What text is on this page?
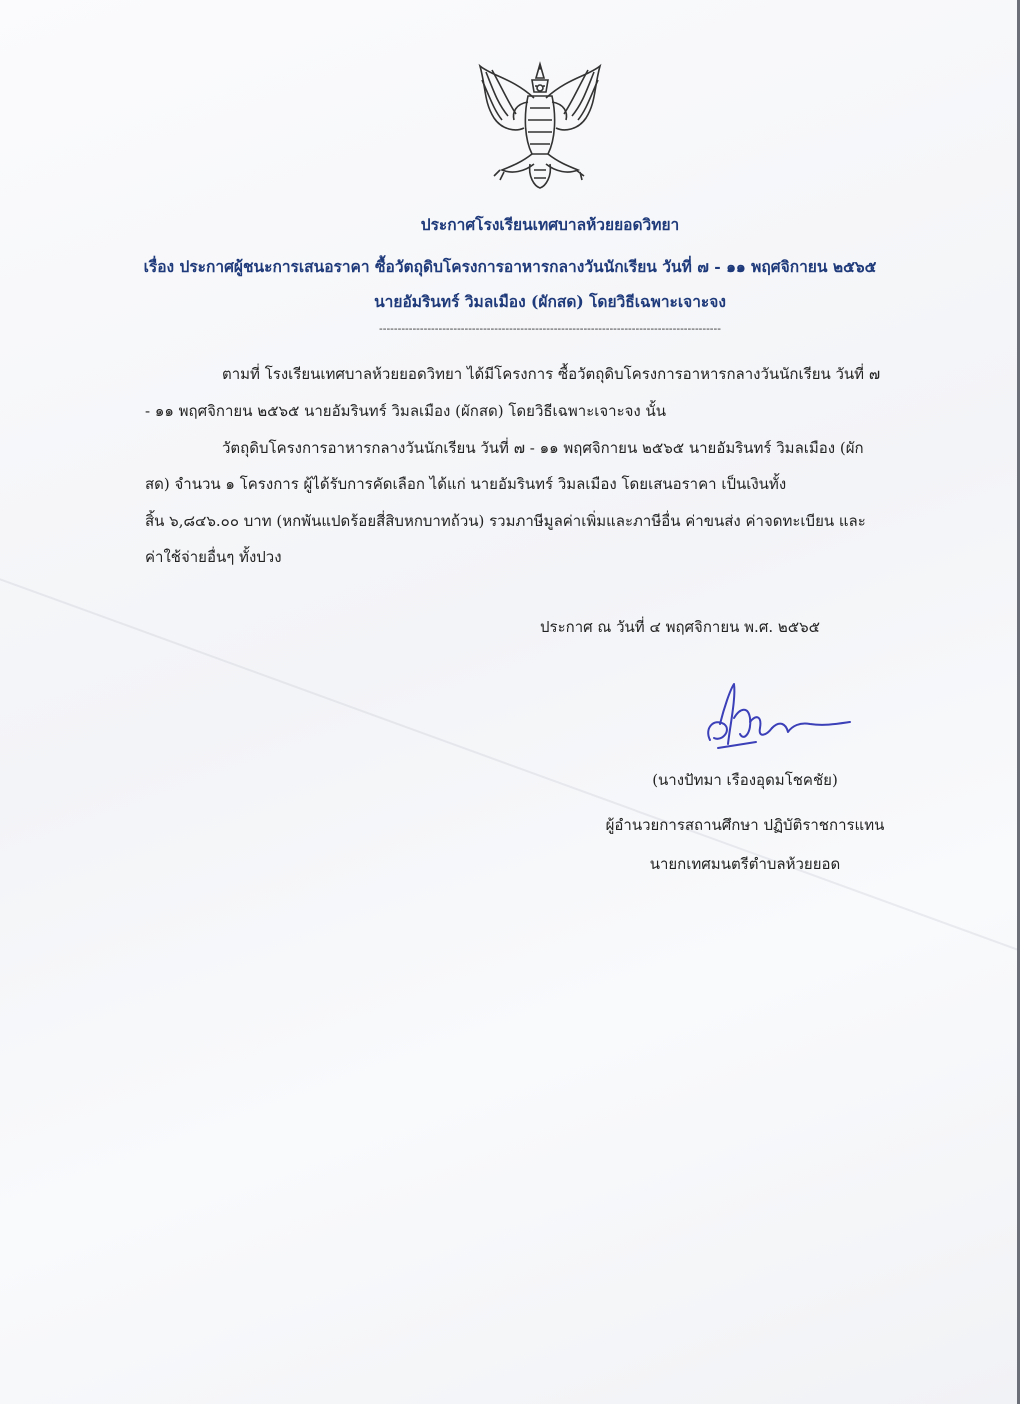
ประกาศโรงเรียนเทศบาลห้วยยอดวิทยา
เรื่อง ประกาศผู้ชนะการเสนอราคา ซื้อวัตถุดิบโครงการอาหารกลางวันนักเรียน วันที่ ๗ - ๑๑ พฤศจิกายน ๒๕๖๕
นายอัมรินทร์ วิมลเมือง (ผักสด) โดยวิธีเฉพาะเจาะจง
--------------------------------------------------------------------------------------------
ตามที่ โรงเรียนเทศบาลห้วยยอดวิทยา ได้มีโครงการ ซื้อวัตถุดิบโครงการอาหารกลางวันนักเรียน วันที่ ๗
- ๑๑ พฤศจิกายน ๒๕๖๕ นายอัมรินทร์ วิมลเมือง (ผักสด) โดยวิธีเฉพาะเจาะจง นั้น
วัตถุดิบโครงการอาหารกลางวันนักเรียน วันที่ ๗ - ๑๑ พฤศจิกายน ๒๕๖๕ นายอัมรินทร์ วิมลเมือง (ผัก
สด) จำนวน ๑ โครงการ ผู้ได้รับการคัดเลือก ได้แก่ นายอัมรินทร์ วิมลเมือง โดยเสนอราคา เป็นเงินทั้ง
สิ้น ๖,๘๔๖.๐๐ บาท (หกพันแปดร้อยสี่สิบหกบาทถ้วน) รวมภาษีมูลค่าเพิ่มและภาษีอื่น ค่าขนส่ง ค่าจดทะเบียน และ
ค่าใช้จ่ายอื่นๆ ทั้งปวง
ประกาศ ณ วันที่ ๔ พฤศจิกายน พ.ศ. ๒๕๖๕
(นางปัทมา เรืองอุดมโชคชัย)
ผู้อำนวยการสถานศึกษา ปฏิบัติราชการแทน
นายกเทศมนตรีตำบลห้วยยอด
